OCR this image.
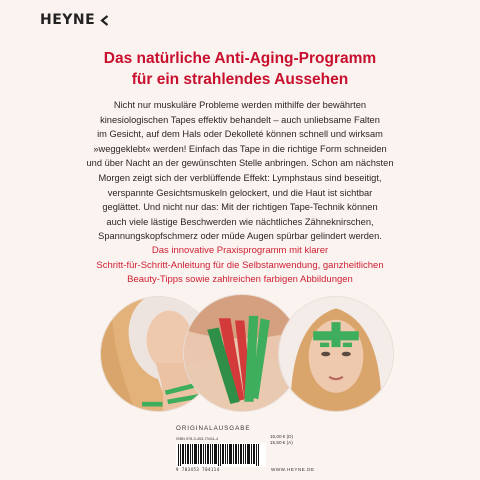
HEYNE
Das natürliche Anti-Aging-Programm
für ein strahlendes Aussehen
Nicht nur muskuläre Probleme werden mithilfe der bewährten
kinesiologischen Tapes effektiv behandelt – auch unliebsame Falten
im Gesicht, auf dem Hals oder Dekolleté können schnell und wirksam
»weggeklebt« werden! Einfach das Tape in die richtige Form schneiden
und über Nacht an der gewünschten Stelle anbringen. Schon am nächsten
Morgen zeigt sich der verblüffende Effekt: Lymphstaus sind beseitigt,
verspannte Gesichtsmuskeln gelockert, und die Haut ist sichtbar
geglättet. Und nicht nur das: Mit der richtigen Tape-Technik können
auch viele lästige Beschwerden wie nächtliches Zähneknirschen,
Spannungskopfschmerz oder müde Augen spürbar gelindert werden.
Das innovative Praxisprogramm mit klarer
Schritt-für-Schritt-Anleitung für die Selbstanwendung, ganzheitlichen
Beauty-Tipps sowie zahlreichen farbigen Abbildungen
ORIGINALAUSGABE
ISBN 978-3-453-70411-4
9 783453 704114
15,00 € (D)
15,50 € (A)
WWW.HEYNE.DE
